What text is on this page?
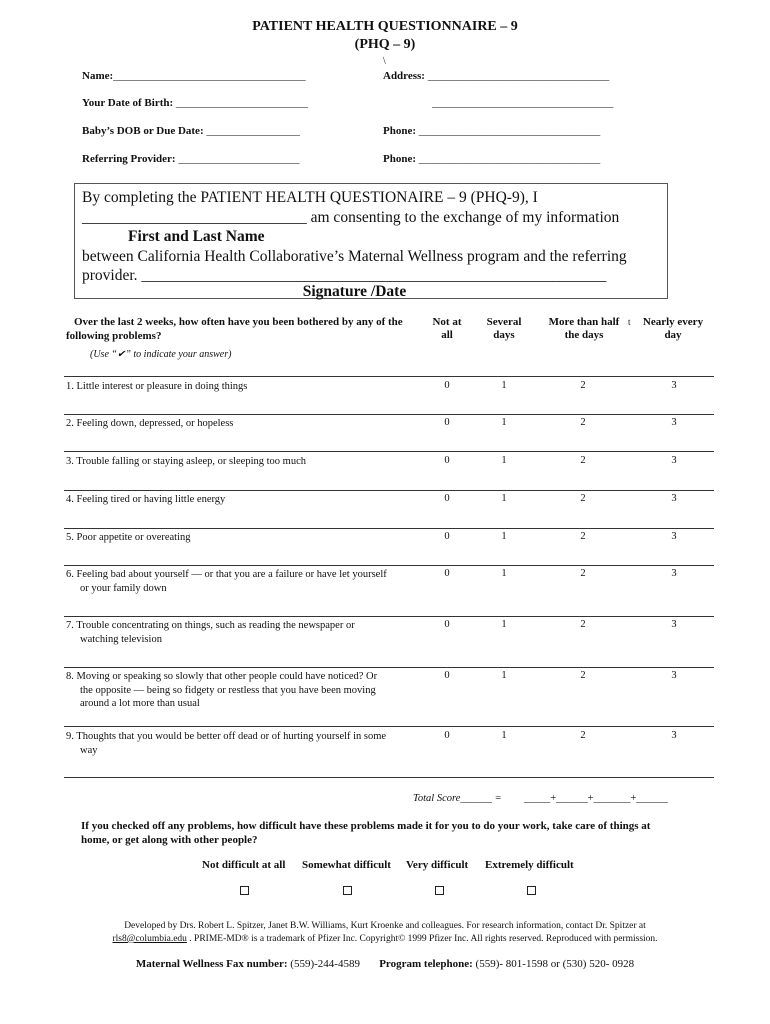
PATIENT HEALTH QUESTIONNAIRE – 9
(PHQ – 9)
\
Name:___________________________________
Your Date of Birth: ________________________
Baby’s DOB or Due Date: _________________
Referring Provider: ______________________
Address: _________________________________
_________________________________
Phone: _________________________________
Phone: _________________________________
By completing the PATIENT HEALTH QUESTIONAIRE – 9 (PHQ-9), I
_____________________________ am consenting to the exchange of my information
First and Last Name
between California Health Collaborative’s Maternal Wellness program and the referring
provider. ____________________________________________________________
Signature /Date
Over the last 2 weeks, how often have you been bothered by any of the
following problems?
(Use “✔” to indicate your answer)
Not at
all
Several
days
More than half
the days
t	Nearly every
day
1. Little interest or pleasure in doing things	0	1	2	3
2. Feeling down, depressed, or hopeless	0	1	2	3
3. Trouble falling or staying asleep, or sleeping too much	0	1	2	3
4. Feeling tired or having little energy	0	1	2	3
5. Poor appetite or overeating	0	1	2	3
6. Feeling bad about yourself — or that you are a failure or have let yourself
or your family down
0	1	2	3
7. Trouble concentrating on things, such as reading the newspaper or
watching television
0	1	2	3
8. Moving or speaking so slowly that other people could have noticed? Or
the opposite — being so fidgety or restless that you have been moving
around a lot more than usual
0	1	2	3
9. Thoughts that you would be better off dead or of hurting yourself in some
way
0	1	2	3
Total Score______ = _____+______+_______+______
If you checked off any problems, how difficult have these problems made it for you to do your work, take care of things at
home, or get along with other people?
Not difficult at all Somewhat difficult Very difficult Extremely difficult
Developed by Drs. Robert L. Spitzer, Janet B.W. Williams, Kurt Kroenke and colleagues. For research information, contact Dr. Spitzer at
rls8@columbia.edu . PRIME-MD® is a trademark of Pfizer Inc. Copyright© 1999 Pfizer Inc. All rights reserved. Reproduced with permission.
Maternal Wellness Fax number: (559)-244-4589 Program telephone: (559)- 801-1598 or (530) 520- 0928
